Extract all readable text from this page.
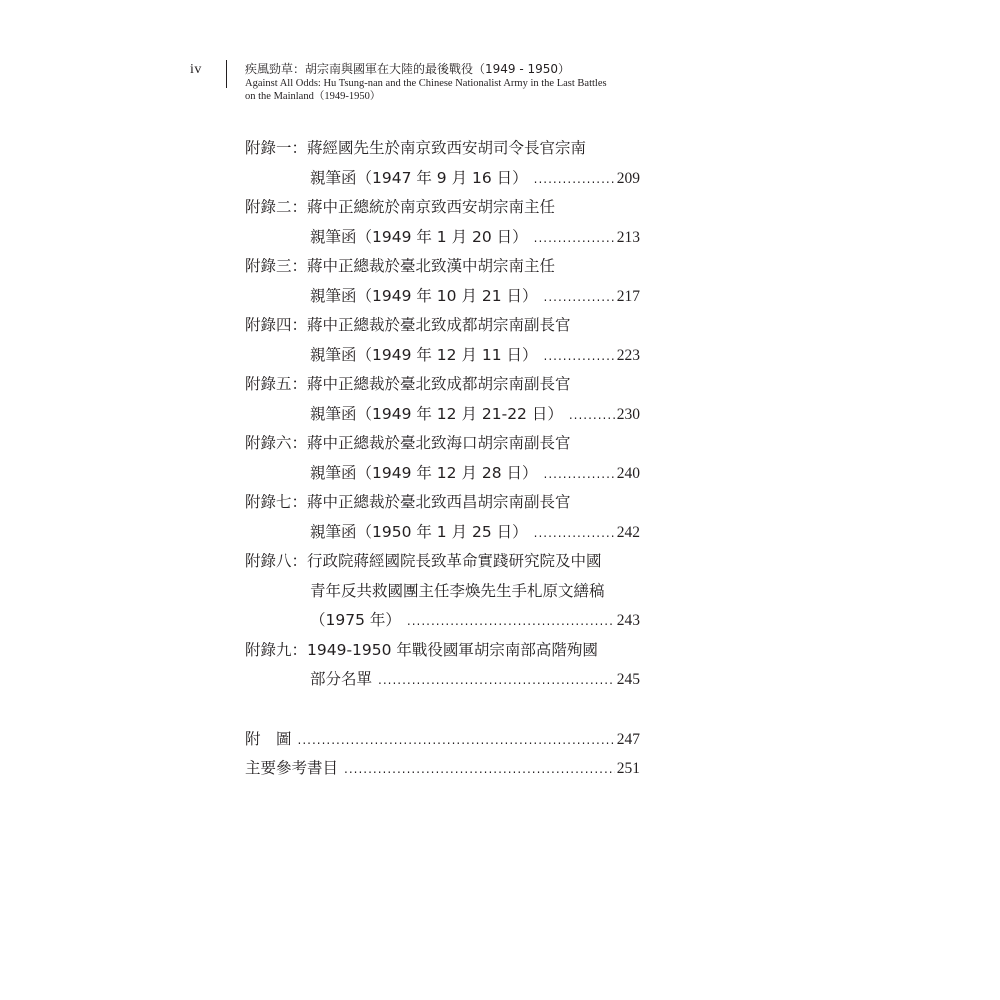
iv	疾風勁草：胡宗南與國軍在大陸的最後戰役（1949 - 1950）
Against All Odds: Hu Tsung-nan and the Chinese Nationalist Army in the Last Battles
on the Mainland（1949-1950）
附錄一：蔣經國先生於南京致西安胡司令長官宗南
親筆函（1947 年 9 月 16 日） .....	209
附錄二：蔣中正總統於南京致西安胡宗南主任
親筆函（1949 年 1 月 20 日） .....	213
附錄三：蔣中正總裁於臺北致漢中胡宗南主任
親筆函（1949 年 10 月 21 日） .....	217
附錄四：蔣中正總裁於臺北致成都胡宗南副長官
親筆函（1949 年 12 月 11 日） .....	223
附錄五：蔣中正總裁於臺北致成都胡宗南副長官
親筆函（1949 年 12 月 21-22 日） .....	230
附錄六：蔣中正總裁於臺北致海口胡宗南副長官
親筆函（1949 年 12 月 28 日） .....	240
附錄七：蔣中正總裁於臺北致西昌胡宗南副長官
親筆函（1950 年 1 月 25 日） .....	242
附錄八：行政院蔣經國院長致革命實踐研究院及中國
青年反共救國團主任李煥先生手札原文繕稿
（1975 年） .....	243
附錄九：1949-1950 年戰役國軍胡宗南部高階殉國
部分名單 .....	245
附　圖 .....	247
主要參考書目 .....	251
